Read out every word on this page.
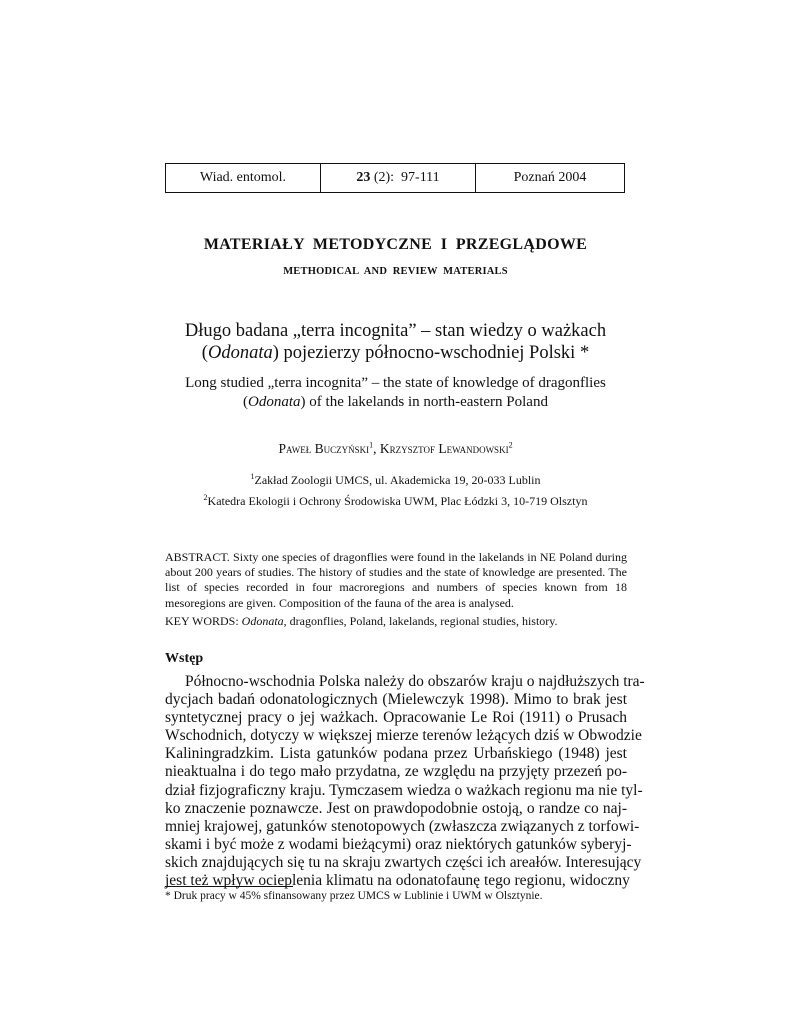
Wiad. entomol.	23 (2):  97-111	Poznań 2004
MATERIAŁY  METODYCZNE  I  PRZEGLĄDOWE
METHODICAL  AND  REVIEW  MATERIALS
Długo badana „terra incognita” – stan wiedzy o ważkach
(Odonata) pojezierzy północno-wschodniej Polski *
Long studied „terra incognita” – the state of knowledge of dragonflies
(Odonata) of the lakelands in north-eastern Poland
Paweł Buczyński$^1$, Krzysztof Lewandowski$^2$
$^1$Zakład Zoologii UMCS, ul. Akademicka 19, 20-033 Lublin
$^2$Katedra Ekologii i Ochrony Środowiska UWM, Plac Łódzki 3, 10-719 Olsztyn
ABSTRACT. Sixty one species of dragonflies were found in the lakelands in NE Poland during about 200 years of studies. The history of studies and the state of knowledge are presented. The list of species recorded in four macroregions and numbers of species known from 18 mesoregions are given. Composition of the fauna of the area is analysed.
KEY WORDS: Odonata, dragonflies, Poland, lakelands, regional studies, history.
Wstęp
Północno-wschodnia Polska należy do obszarów kraju o najdłuższych tra-
dycjach badań odonatologicznych (Mielewczyk 1998). Mimo to brak jest
syntetycznej pracy o jej ważkach. Opracowanie Le Roi (1911) o Prusach
Wschodnich, dotyczy w większej mierze terenów leżących dziś w Obwodzie
Kaliningradzkim. Lista gatunków podana przez Urbańskiego (1948) jest
nieaktualna i do tego mało przydatna, ze względu na przyjęty przezeń po-
dział fizjograficzny kraju. Tymczasem wiedza o ważkach regionu ma nie tyl-
ko znaczenie poznawcze. Jest on prawdopodobnie ostoją, o randze co naj-
mniej krajowej, gatunków stenotopowych (zwłaszcza związanych z torfowi-
skami i być może z wodami bieżącymi) oraz niektórych gatunków syberyj-
skich znajdujących się tu na skraju zwartych części ich areałów. Interesujący
jest też wpływ ocieplenia klimatu na odonatofaunę tego regionu, widoczny
* Druk pracy w 45% sfinansowany przez UMCS w Lublinie i UWM w Olsztynie.
